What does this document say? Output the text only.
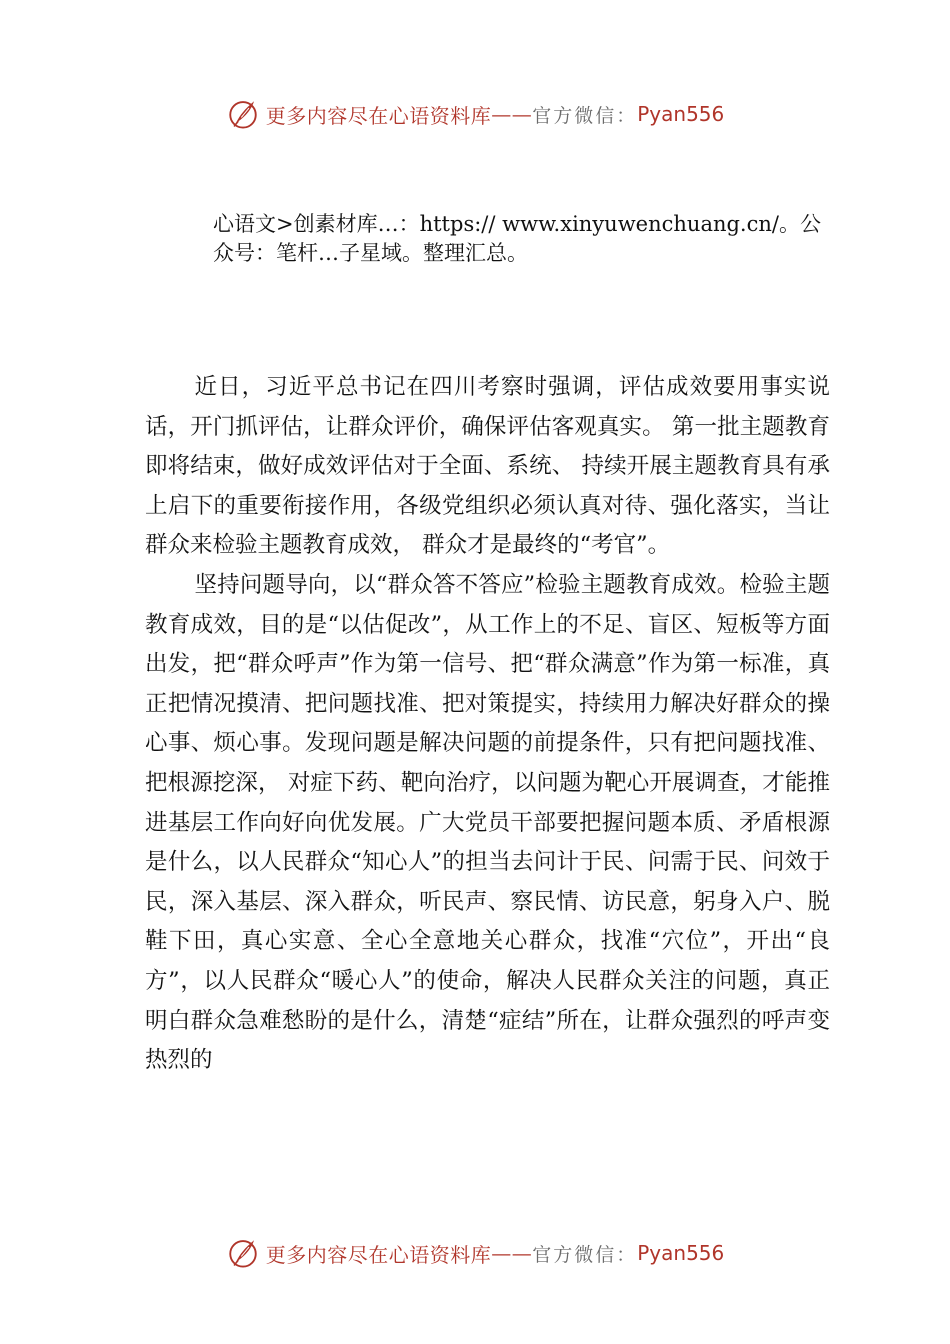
更多内容尽在心语资料库 —— 官方微信： Pyan556
心语文>创素材库…：https:// www.xinyuwenchuang.cn/。公众号：笔杆…子星域。整理汇总。

近日，习近平总书记在四川考察时强调，评估成效要用事实说话，开门抓评估，让群众评价，确保评估客观真实。 第一批主题教育即将结束，做好成效评估对于全面、系统、 持续开展主题教育具有承上启下的重要衔接作用，各级党组织必须认真对待、强化落实，当让群众来检验主题教育成效， 群众才是最终的“考官”。

坚持问题导向，以“群众答不答应”检验主题教育成效。检验主题教育成效，目的是“以估促改”，从工作上的不足、盲区、短板等方面出发，把“群众呼声”作为第一信号、把“群众满意”作为第一标准，真正把情况摸清、把问题找准、把对策提实，持续用力解决好群众的操心事、烦心事。发现问题是解决问题的前提条件，只有把问题找准、把根源挖深， 对症下药、靶向治疗，以问题为靶心开展调查，才能推进基层工作向好向优发展。广大党员干部要把握问题本质、矛盾根源是什么，以人民群众“知心人”的担当去问计于民、问需于民、问效于民，深入基层、深入群众，听民声、察民情、访民意，躬身入户、脱鞋下田，真心实意、全心全意地关心群众，找准“穴位”，开出“良方”，以人民群众“暖心人”的使命，解决人民群众关注的问题，真正明白群众急难愁盼的是什么，清楚“症结”所在，让群众强烈的呼声变热烈的

更多内容尽在心语资料库 —— 官方微信： Pyan556
